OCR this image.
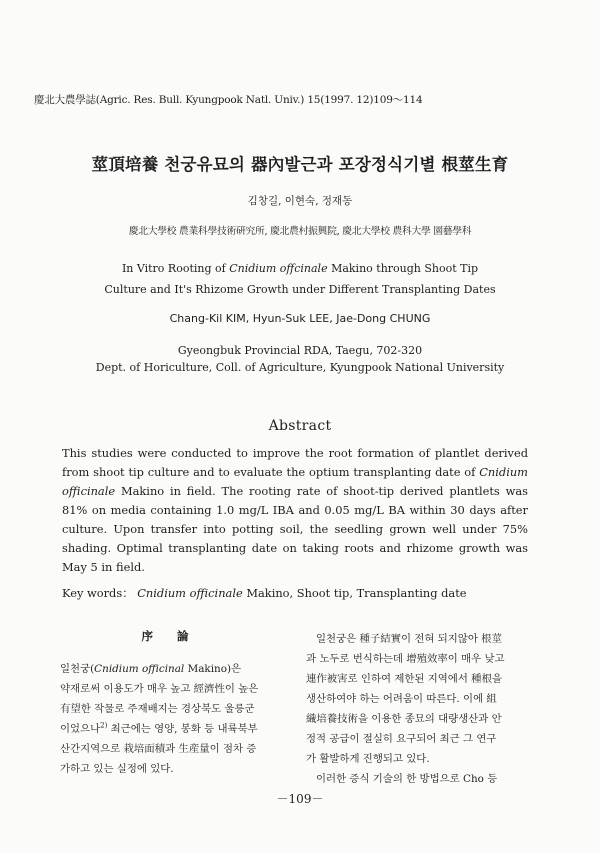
慶北大農學誌(Agric. Res. Bull. Kyungpook Natl. Univ.) 15(1997. 12)109～114
莖頂培養 천궁유묘의 器內발근과 포장정식기별 根莖生育
김창길, 이현숙, 정재동
慶北大學校 農業科學技術硏究所, 慶北農村振興院, 慶北大學校 農科大學 園藝學科
In Vitro Rooting of Cnidium offcinale Makino through Shoot Tip
Culture and It's Rhizome Growth under Different Transplanting Dates
Chang-Kil KIM, Hyun-Suk LEE, Jae-Dong CHUNG
Gyeongbuk Provincial RDA, Taegu, 702-320
Dept. of Horiculture, Coll. of Agriculture, Kyungpook National University
Abstract
This studies were conducted to improve the root formation of plantlet derived
from shoot tip culture and to evaluate the optium transplanting date of Cnidium
officinale Makino in field. The rooting rate of shoot-tip derived plantlets was
81% on media containing 1.0 mg/L IBA and 0.05 mg/L BA within 30 days after
culture. Upon transfer into potting soil, the seedling grown well under 75%
shading. Optimal transplanting date on taking roots and rhizome growth was
May 5 in field.
Key words： Cnidium officinale Makino, Shoot tip, Transplanting date
序 論
일천궁(Cnidium officinal Makino)은
약재로써 이용도가 매우 높고 經濟性이 높은
有望한 작물로 주재배지는 경상북도 울릉군
이었으나$^{2)}$ 최근에는 영양, 봉화 등 내륙북부
산간지역으로 栽培面積과 生産量이 점차 증
가하고 있는 실정에 있다.
일천궁은 種子結實이 전혀 되지않아 根莖
과 노두로 번식하는데 增殖效率이 매우 낮고
連作被害로 인하여 제한된 지역에서 種根을
생산하여야 하는 어려움이 따른다. 이에 組
織培養技術을 이용한 종묘의 대량생산과 안
정적 공급이 절실히 요구되어 최근 그 연구
가 활발하게 진행되고 있다.
이러한 증식 기술의 한 방법으로 Cho 등
－109－
